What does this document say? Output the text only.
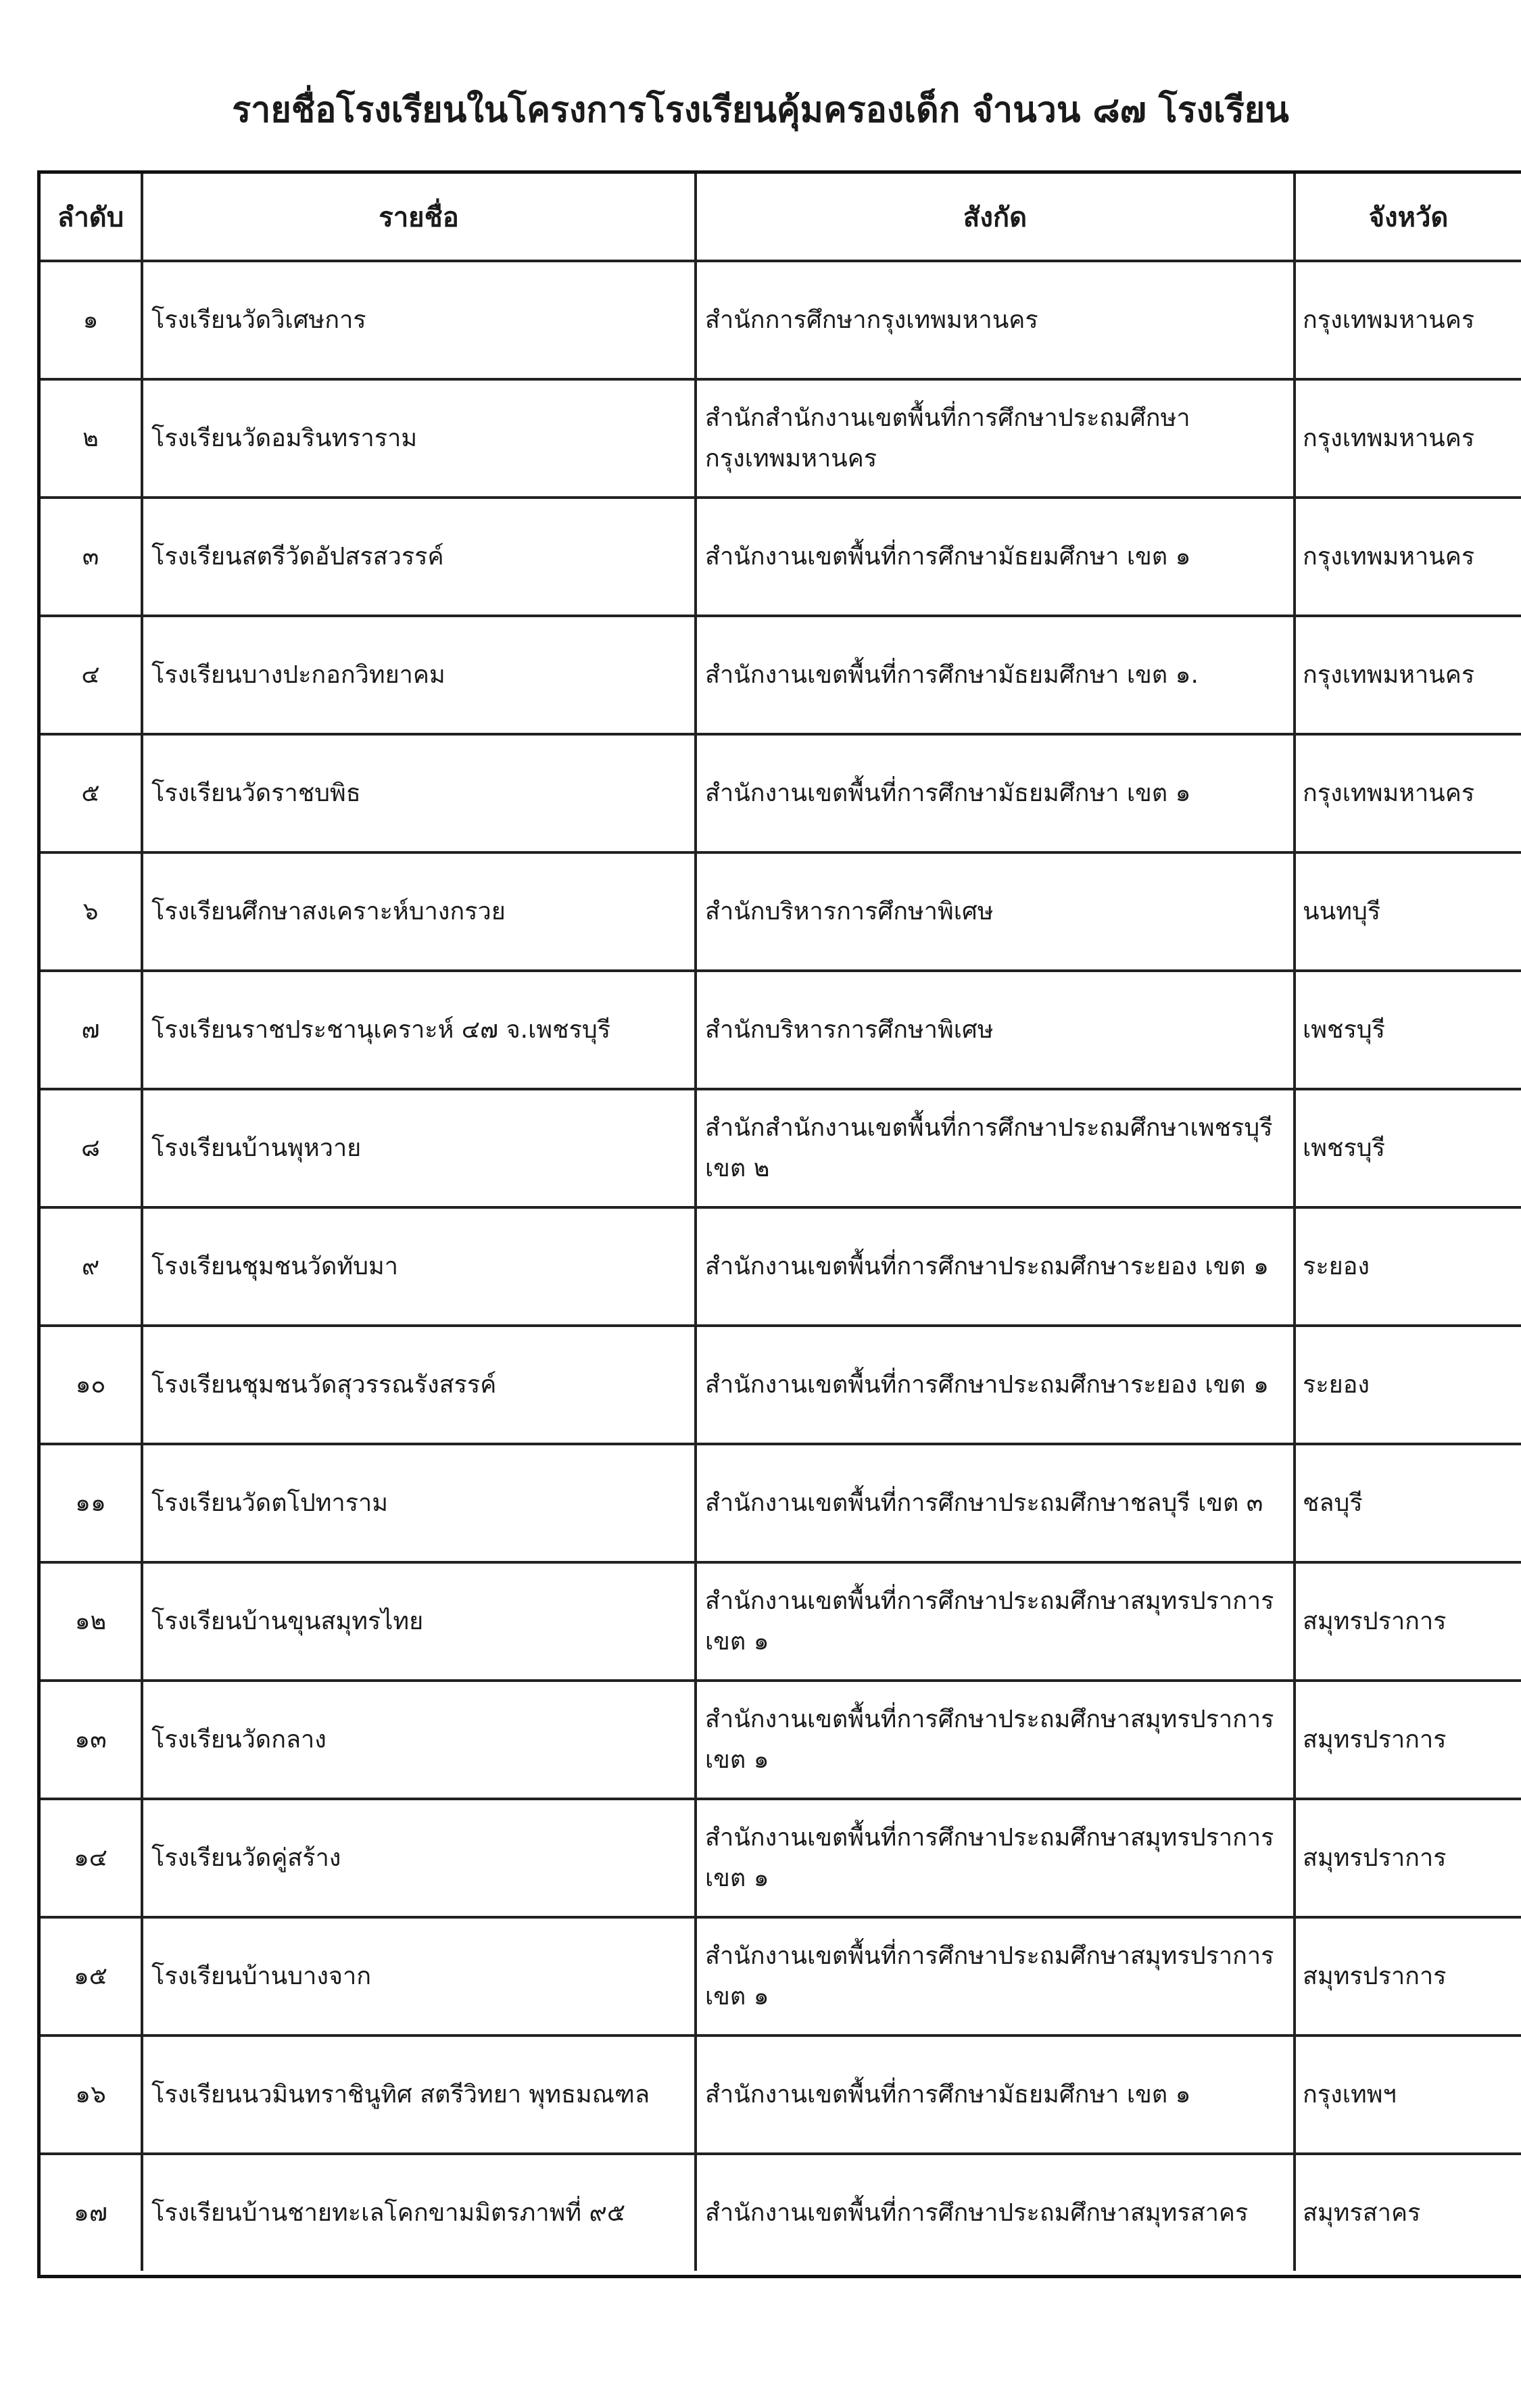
รายชื่อโรงเรียนในโครงการโรงเรียนคุ้มครองเด็ก จำนวน ๘๗ โรงเรียน
ลำดับ	รายชื่อ	สังกัด	จังหวัด
๑	โรงเรียนวัดวิเศษการ	สำนักการศึกษากรุงเทพมหานคร	กรุงเทพมหานคร
๒	โรงเรียนวัดอมรินทราราม	สำนักสำนักงานเขตพื้นที่การศึกษาประถมศึกษา
กรุงเทพมหานคร	กรุงเทพมหานคร
๓	โรงเรียนสตรีวัดอัปสรสวรรค์	สำนักงานเขตพื้นที่การศึกษามัธยมศึกษา เขต ๑	กรุงเทพมหานคร
๔	โรงเรียนบางปะกอกวิทยาคม	สำนักงานเขตพื้นที่การศึกษามัธยมศึกษา เขต ๑.	กรุงเทพมหานคร
๕	โรงเรียนวัดราชบพิธ	สำนักงานเขตพื้นที่การศึกษามัธยมศึกษา เขต ๑	กรุงเทพมหานคร
๖	โรงเรียนศึกษาสงเคราะห์บางกรวย	สำนักบริหารการศึกษาพิเศษ	นนทบุรี
๗	โรงเรียนราชประชานุเคราะห์ ๔๗ จ.เพชรบุรี	สำนักบริหารการศึกษาพิเศษ	เพชรบุรี
๘	โรงเรียนบ้านพุหวาย	สำนักสำนักงานเขตพื้นที่การศึกษาประถมศึกษาเพชรบุรี
เขต ๒	เพชรบุรี
๙	โรงเรียนชุมชนวัดทับมา	สำนักงานเขตพื้นที่การศึกษาประถมศึกษาระยอง เขต ๑	ระยอง
๑๐	โรงเรียนชุมชนวัดสุวรรณรังสรรค์	สำนักงานเขตพื้นที่การศึกษาประถมศึกษาระยอง เขต ๑	ระยอง
๑๑	โรงเรียนวัดตโปทาราม	สำนักงานเขตพื้นที่การศึกษาประถมศึกษาชลบุรี เขต ๓	ชลบุรี
๑๒	โรงเรียนบ้านขุนสมุทรไทย	สำนักงานเขตพื้นที่การศึกษาประถมศึกษาสมุทรปราการ
เขต ๑	สมุทรปราการ
๑๓	โรงเรียนวัดกลาง	สำนักงานเขตพื้นที่การศึกษาประถมศึกษาสมุทรปราการ
เขต ๑	สมุทรปราการ
๑๔	โรงเรียนวัดคู่สร้าง	สำนักงานเขตพื้นที่การศึกษาประถมศึกษาสมุทรปราการ
เขต ๑	สมุทรปราการ
๑๕	โรงเรียนบ้านบางจาก	สำนักงานเขตพื้นที่การศึกษาประถมศึกษาสมุทรปราการ
เขต ๑	สมุทรปราการ
๑๖	โรงเรียนนวมินทราชินูทิศ สตรีวิทยา พุทธมณฑล	สำนักงานเขตพื้นที่การศึกษามัธยมศึกษา เขต ๑	กรุงเทพฯ
๑๗	โรงเรียนบ้านชายทะเลโคกขามมิตรภาพที่ ๙๕	สำนักงานเขตพื้นที่การศึกษาประถมศึกษาสมุทรสาคร	สมุทรสาคร
